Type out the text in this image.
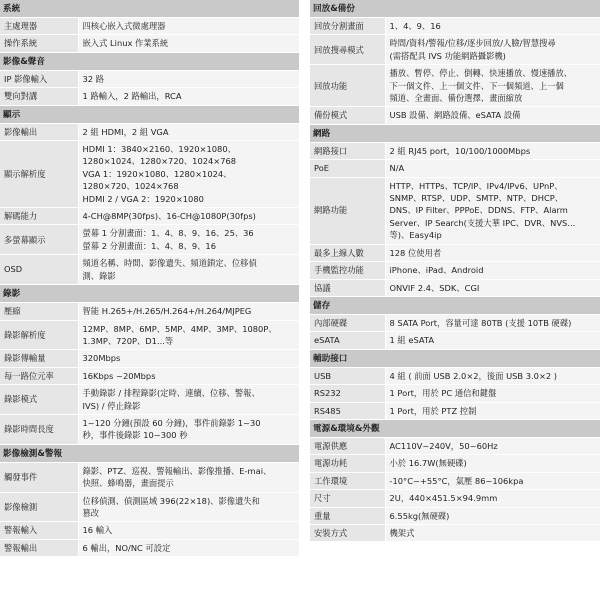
系統
主處理器	四核心嵌入式微處理器

操作系統	嵌入式 Linux 作業系統
影像&聲音
IP 影像輸入	32 路

雙向對講	1 路輸入，2 路輸出，RCA
顯示
影像輸出	2 組 HDMI，2 組 VGA

顯示解析度	HDMI 1：3840×2160、1920×1080、
1280×1024、1280×720、1024×768
VGA 1：1920×1080、1280×1024、
1280×720、1024×768
HDMI 2 / VGA 2：1920×1080

解碼能力	4-CH@8MP(30fps)、16-CH@1080P(30fps)

多螢幕顯示	螢幕 1 分割畫面：1、4、8、9、16、25、36
螢幕 2 分割畫面：1、4、8、9、16

OSD	頻道名稱、時間、影像遺失、頻道鎖定、位移偵
測、錄影
錄影
壓縮	智能 H.265+/H.265/H.264+/H.264/MJPEG

錄影解析度	12MP、8MP、6MP、5MP、4MP、3MP、1080P、
1.3MP、720P、D1...等

錄影傳輸量	320Mbps

每一路位元率	16Kbps ~20Mbps

錄影模式	手動錄影 / 排程錄影(定時、連續、位移、警報、
IVS) / 停止錄影

錄影時間長度	1~120 分鐘(預設 60 分鐘)，事件前錄影 1~30
秒，事件後錄影 10~300 秒
影像檢測&警報
觸發事件	錄影、PTZ、巡視、警報輸出、影像推播、E-mai、
快照、蜂鳴器，畫面提示

影像檢測	位移偵測、偵測區域 396(22×18)、影像遺失和
篡改

警報輸入	16 輸入

警報輸出	6 輸出，NO/NC 可設定
回放&備份
回放分割畫面	1、4、9、16

回放搜尋模式	時間/資料/警報/位移/逐步回放/人臉/智慧搜尋
(需搭配具 IVS 功能網路攝影機)

回放功能	播放、暫停、停止、倒轉、快速播放、慢速播放、
下一個文件、上一個文件、下一個頻道、上一個
頻道、全畫面、備份選擇、畫面縮放

備份模式	USB 設備、網路設備、eSATA 設備
網路
網路接口	2 組 RJ45 port，10/100/1000Mbps

PoE	N/A

網路功能	HTTP、HTTPs、TCP/IP、IPv4/IPv6、UPnP、
SNMP、RTSP、UDP、SMTP、NTP、DHCP、
DNS、IP Filter、PPPoE、DDNS、FTP、Alarm
Server、IP Search(支援大華 IPC、DVR、NVS...
等)、Easy4ip

最多上線人數	128 位使用者

手機監控功能	iPhone、iPad、Android

協議	ONVIF 2.4、SDK、CGI
儲存
內部硬碟	8 SATA Port，容量可達 80TB (支援 10TB 硬碟)

eSATA	1 組 eSATA
輔助接口
USB	4 組 ( 前面 USB 2.0×2，後面 USB 3.0×2 )

RS232	1 Port，用於 PC 通信和鍵盤

RS485	1 Port，用於 PTZ 控制
電源&環境&外觀
電源供應	AC110V~240V，50~60Hz

電源功耗	小於 16.7W(無硬碟)

工作環境	-10°C~+55°C，氣壓 86~106kpa

尺寸	2U，440×451.5×94.9mm

重量	6.55kg(無硬碟)

安裝方式	機架式
